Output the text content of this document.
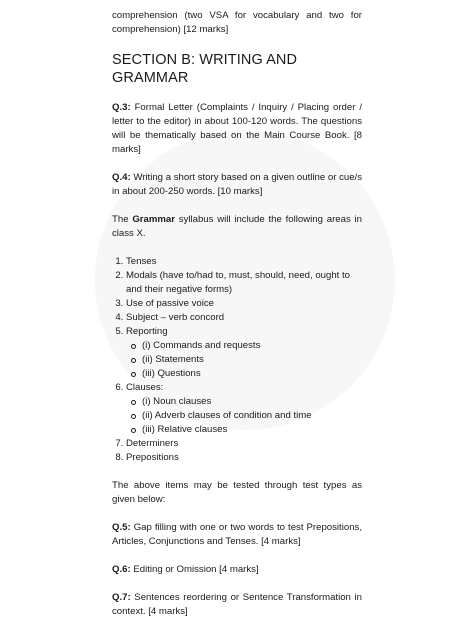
comprehension (two VSA for vocabulary and two for comprehension) [12 marks]

SECTION B: WRITING AND GRAMMAR

Q.3: Formal Letter (Complaints / Inquiry / Placing order / letter to the editor) in about 100-120 words. The questions will be thematically based on the Main Course Book. [8 marks]

Q.4: Writing a short story based on a given outline or cue/s in about 200-250 words. [10 marks]

The Grammar syllabus will include the following areas in class X.

1. Tenses
2. Modals (have to/had to, must, should, need, ought to and their negative forms)
3. Use of passive voice
4. Subject – verb concord
5. Reporting
(i) Commands and requests
(ii) Statements
(iii) Questions
6. Clauses:
(i) Noun clauses
(ii) Adverb clauses of condition and time
(iii) Relative clauses
7. Determiners
8. Prepositions

The above items may be tested through test types as given below:

Q.5: Gap filling with one or two words to test Prepositions, Articles, Conjunctions and Tenses. [4 marks]

Q.6: Editing or Omission [4 marks]

Q.7: Sentences reordering or Sentence Transformation in context. [4 marks]
